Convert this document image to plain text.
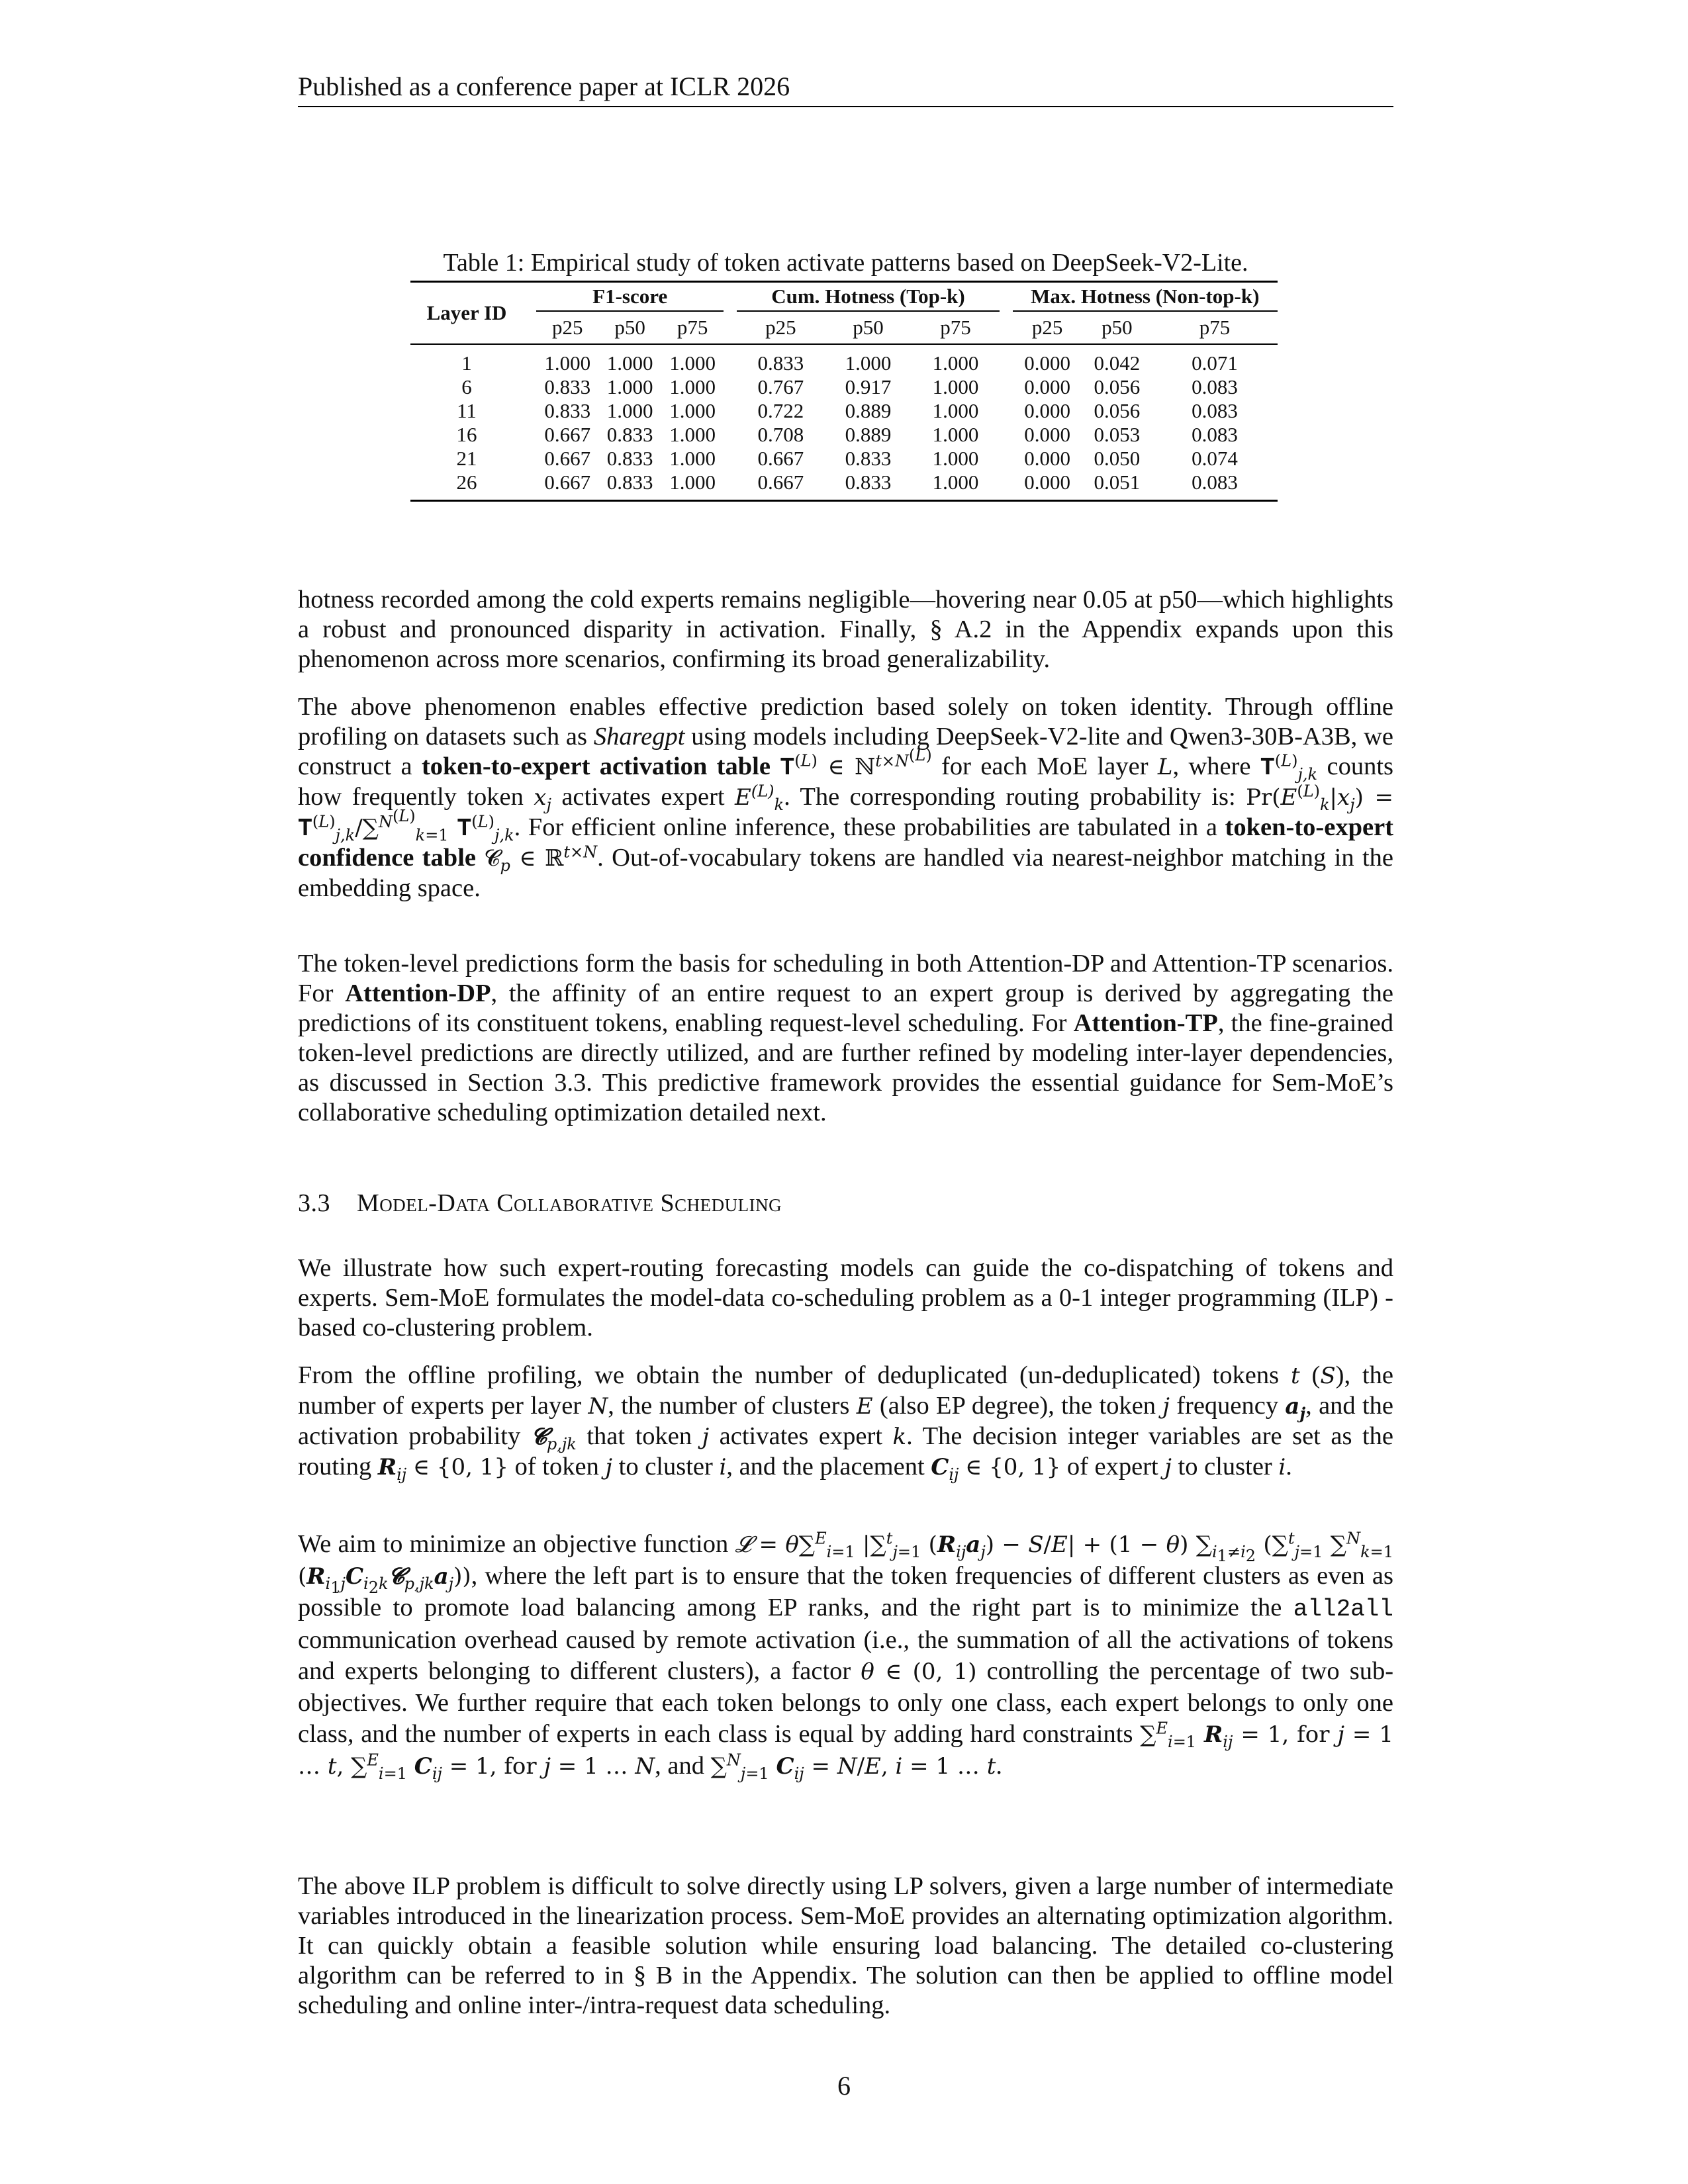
Published as a conference paper at ICLR 2026
Table 1: Empirical study of token activate patterns based on DeepSeek-V2-Lite.
Layer ID		F1-score				Cum. Hotness (Top-k)				Max. Hotness (Non-top-k)		
		p25	p50	p75		p25	p50	p75		p25	p50	p75
1		1.000	1.000	1.000		0.833	1.000	1.000		0.000	0.042	0.071
6		0.833	1.000	1.000		0.767	0.917	1.000		0.000	0.056	0.083
11		0.833	1.000	1.000		0.722	0.889	1.000		0.000	0.056	0.083
16		0.667	0.833	1.000		0.708	0.889	1.000		0.000	0.053	0.083
21		0.667	0.833	1.000		0.667	0.833	1.000		0.000	0.050	0.074
26		0.667	0.833	1.000		0.667	0.833	1.000		0.000	0.051	0.083

hotness recorded among the cold experts remains negligible—hovering near 0.05 at p50—which highlights a robust and pronounced disparity in activation. Finally, § A.2 in the Appendix expands upon this phenomenon across more scenarios, confirming its broad generalizability.

The above phenomenon enables effective prediction based solely on token identity. Through offline profiling on datasets such as Sharegpt using models including DeepSeek-V2-lite and Qwen3-30B-A3B, we construct a token-to-expert activation table 𝐓$^{(L)}$ ∈ ℕ$^{t\times N^{(L)}}$ for each MoE layer L, where 𝐓$^{(L)}_{j,k}$ counts how frequently token $x_j$ activates expert $E^{(L)}_k$. The corresponding routing probability is: $Pr(E^{(L)}_k|x_j)$ = 𝐓$^{(L)}_{j,k}$/∑$^{N^{(L)}}_{k=1}$ 𝐓$^{(L)}_{j,k}$. For efficient online inference, these probabilities are tabulated in a token-to-expert confidence table 𝓒$_p$ ∈ ℝ$^{t\times N}$. Out-of-vocabulary tokens are handled via nearest-neighbor matching in the embedding space.

The token-level predictions form the basis for scheduling in both Attention-DP and Attention-TP scenarios. For Attention-DP, the affinity of an entire request to an expert group is derived by aggregating the predictions of its constituent tokens, enabling request-level scheduling. For Attention-TP, the fine-grained token-level predictions are directly utilized, and are further refined by modeling inter-layer dependencies, as discussed in Section 3.3. This predictive framework provides the essential guidance for Sem-MoE’s collaborative scheduling optimization detailed next.

3.3 Model-Data Collaborative Scheduling

We illustrate how such expert-routing forecasting models can guide the co-dispatching of tokens and experts. Sem-MoE formulates the model-data co-scheduling problem as a 0-1 integer programming (ILP) -based co-clustering problem.

From the offline profiling, we obtain the number of deduplicated (un-deduplicated) tokens t (S), the number of experts per layer N, the number of clusters E (also EP degree), the token j frequency $a_j$, and the activation probability 𝓒$_{p,jk}$ that token j activates expert k. The decision integer variables are set as the routing $R_{ij}$ ∈ {0, 1} of token j to cluster i, and the placement $C_{ij}$ ∈ {0, 1} of expert j to cluster i.

We aim to minimize an objective function 𝓛 = θ∑$^E_{i=1}$ |∑$^t_{j=1}$ $(R_{ij}a_j) - S/E| + (1 - \theta)$ $\sum_{i_1\ne i_2}$ (∑$^t_{j=1}$ ∑$^N_{k=1}$ $(R_{i_1j}C_{i_2k}𝓒_{p,jk}a_j)$), where the left part is to ensure that the token frequencies of different clusters as even as possible to promote load balancing among EP ranks, and the right part is to minimize the all2all communication overhead caused by remote activation (i.e., the summation of all the activations of tokens and experts belonging to different clusters), a factor θ ∈ (0, 1) controlling the percentage of two sub-objectives. We further require that each token belongs to only one class, each expert belongs to only one class, and the number of experts in each class is equal by adding hard constraints ∑$^E_{i=1}$ $R_{ij} = 1$, for j = 1 … t, ∑$^E_{i=1}$ $C_{ij} = 1$, for j = 1 … N, and ∑$^N_{j=1}$ $C_{ij} = N/E$, i = 1 … t.

The above ILP problem is difficult to solve directly using LP solvers, given a large number of intermediate variables introduced in the linearization process. Sem-MoE provides an alternating optimization algorithm. It can quickly obtain a feasible solution while ensuring load balancing. The detailed co-clustering algorithm can be referred to in § B in the Appendix. The solution can then be applied to offline model scheduling and online inter-/intra-request data scheduling.

6
